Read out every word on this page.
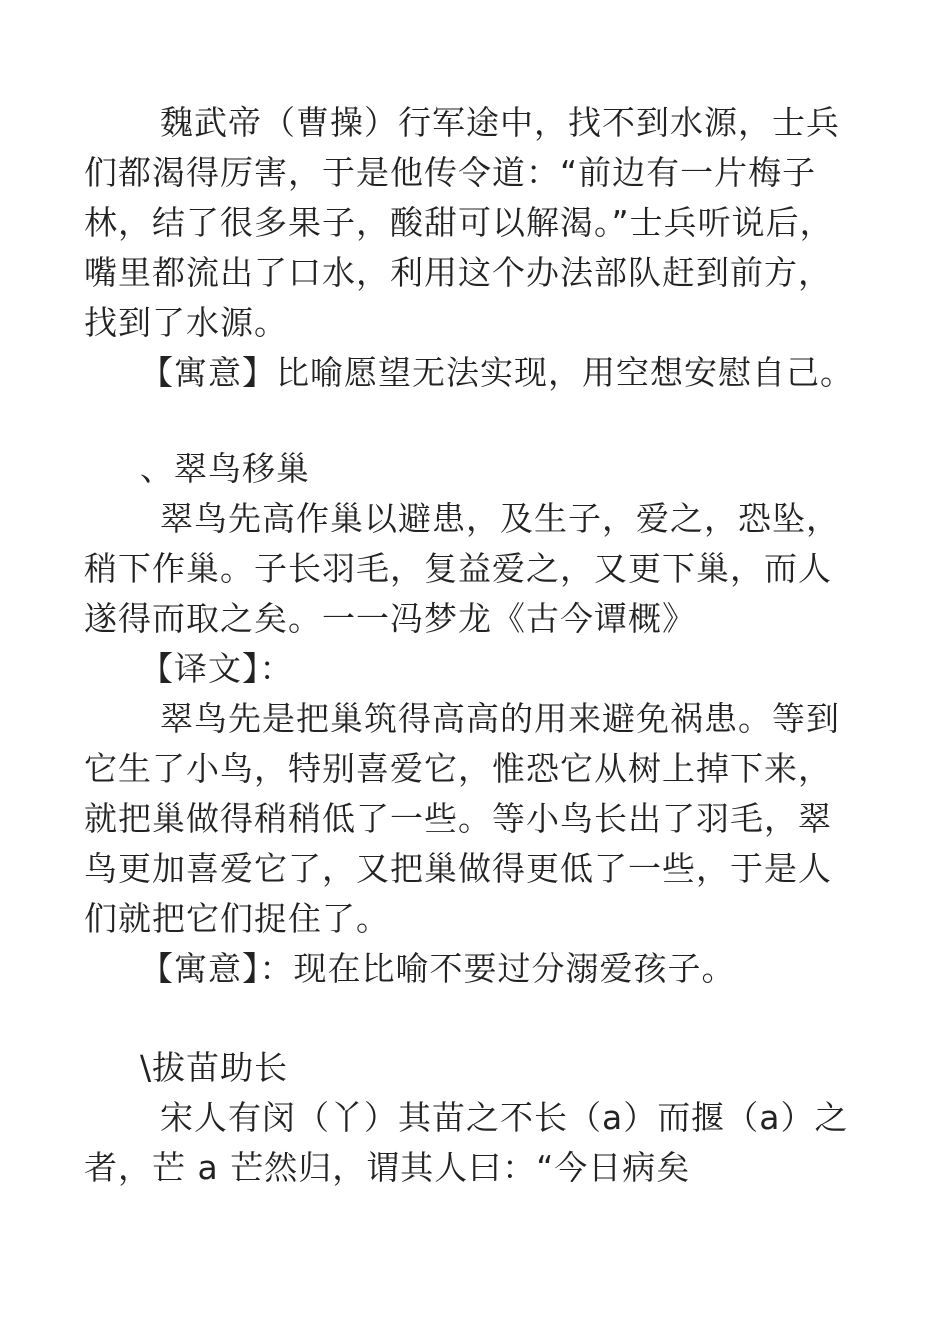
魏武帝（曹操）行军途中，找不到水源，士兵
们都渴得厉害，于是他传令道：“前边有一片梅子
林，结了很多果子，酸甜可以解渴。”士兵听说后，
嘴里都流出了口水，利用这个办法部队赶到前方，
找到了水源。
【寓意】比喻愿望无法实现，用空想安慰自己。
、翠鸟移巢
翠鸟先高作巢以避患，及生子，爱之，恐坠，
稍下作巢。子长羽毛，复益爱之，又更下巢，而人
遂得而取之矣。一一冯梦龙《古今谭概》
【译文】：
翠鸟先是把巢筑得高高的用来避免祸患。等到
它生了小鸟，特别喜爱它，惟恐它从树上掉下来，
就把巢做得稍稍低了一些。等小鸟长出了羽毛，翠
鸟更加喜爱它了，又把巢做得更低了一些，于是人
们就把它们捉住了。
【寓意】：现在比喻不要过分溺爱孩子。
\拔苗助长
宋人有闵（丫）其苗之不长（a）而揠（a）之
者，芒 a 芒然归，谓其人曰：“今日病矣
